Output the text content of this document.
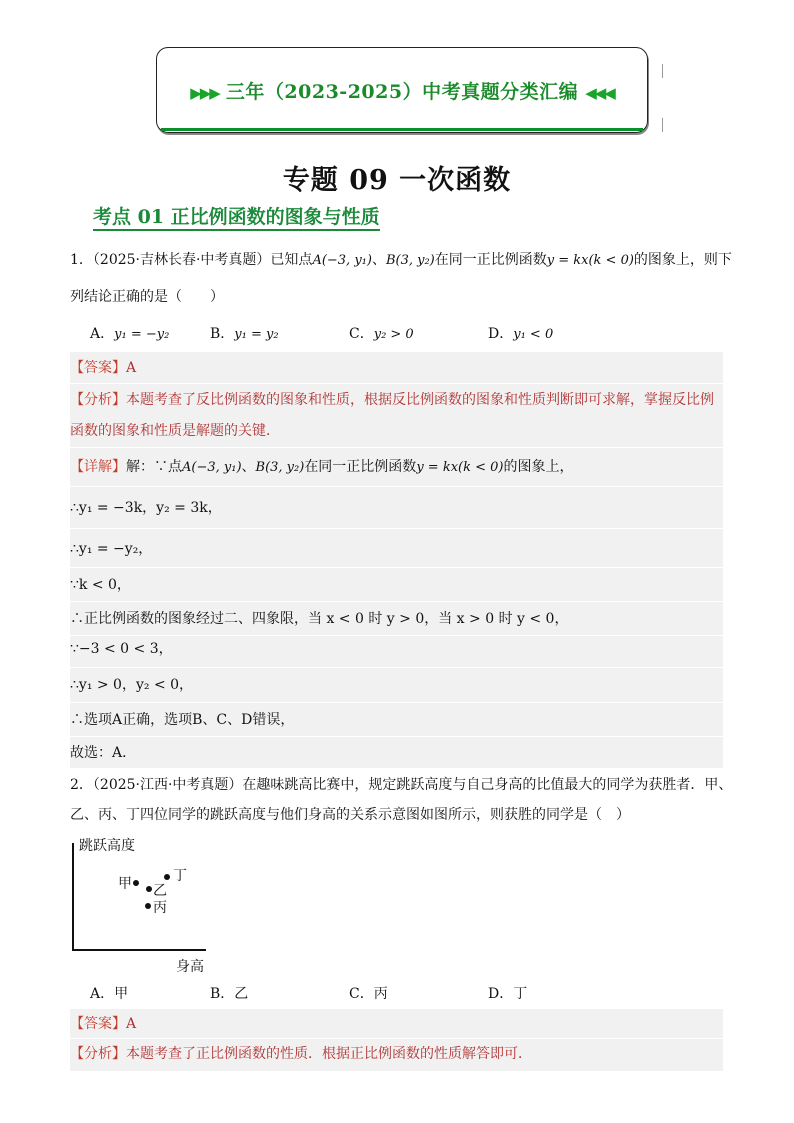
▶▶▶ 三年（2023-2025）中考真题分类汇编 ◀◀◀
专题 09 一次函数
考点 01 正比例函数的图象与性质
1．（2025·吉林长春·中考真题）已知点A(−3, y₁)、B(3, y₂)在同一正比例函数y = kx(k < 0)的图象上，则下
列结论正确的是（　　）
A．y₁ = −y₂	B．y₁ = y₂	C．y₂ > 0	D．y₁ < 0
【答案】A
【分析】本题考查了反比例函数的图象和性质，根据反比例函数的图象和性质判断即可求解，掌握反比例
函数的图象和性质是解题的关键．
【详解】解：∵点A(−3, y₁)、B(3, y₂)在同一正比例函数y = kx(k < 0)的图象上，
∴y₁ = −3k，y₂ = 3k，
∴y₁ = −y₂，
∵k < 0，
∴正比例函数的图象经过二、四象限，当 x < 0 时 y > 0，当 x > 0 时 y < 0，
∵−3 < 0 < 3，
∴y₁ > 0，y₂ < 0，
∴选项A正确，选项B、C、D错误，
故选：A．
2．（2025·江西·中考真题）在趣味跳高比赛中，规定跳跃高度与自己身高的比值最大的同学为获胜者．甲、
乙、丙、丁四位同学的跳跃高度与他们身高的关系示意图如图所示，则获胜的同学是（　）
跳跃高度
身高
甲 乙
丙
丁
A．甲	B．乙	C．丙	D．丁
【答案】A
【分析】本题考查了正比例函数的性质．根据正比例函数的性质解答即可．
